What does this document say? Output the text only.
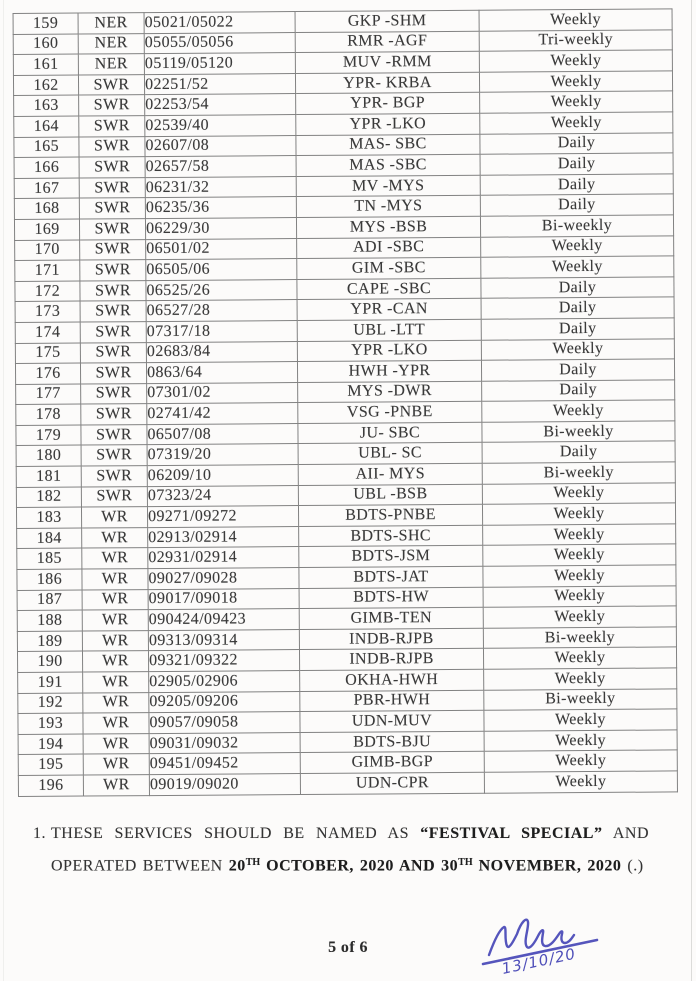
159	NER	05021/05022	GKP -SHM	Weekly
160	NER	05055/05056	RMR -AGF	Tri-weekly
161	NER	05119/05120	MUV -RMM	Weekly
162	SWR	02251/52	YPR- KRBA	Weekly
163	SWR	02253/54	YPR- BGP	Weekly
164	SWR	02539/40	YPR -LKO	Weekly
165	SWR	02607/08	MAS- SBC	Daily
166	SWR	02657/58	MAS -SBC	Daily
167	SWR	06231/32	MV -MYS	Daily
168	SWR	06235/36	TN -MYS	Daily
169	SWR	06229/30	MYS -BSB	Bi-weekly
170	SWR	06501/02	ADI -SBC	Weekly
171	SWR	06505/06	GIM -SBC	Weekly
172	SWR	06525/26	CAPE -SBC	Daily
173	SWR	06527/28	YPR -CAN	Daily
174	SWR	07317/18	UBL -LTT	Daily
175	SWR	02683/84	YPR -LKO	Weekly
176	SWR	0863/64	HWH -YPR	Daily
177	SWR	07301/02	MYS -DWR	Daily
178	SWR	02741/42	VSG -PNBE	Weekly
179	SWR	06507/08	JU- SBC	Bi-weekly
180	SWR	07319/20	UBL- SC	Daily
181	SWR	06209/10	AII- MYS	Bi-weekly
182	SWR	07323/24	UBL -BSB	Weekly
183	WR	09271/09272	BDTS-PNBE	Weekly
184	WR	02913/02914	BDTS-SHC	Weekly
185	WR	02931/02914	BDTS-JSM	Weekly
186	WR	09027/09028	BDTS-JAT	Weekly
187	WR	09017/09018	BDTS-HW	Weekly
188	WR	090424/09423	GIMB-TEN	Weekly
189	WR	09313/09314	INDB-RJPB	Bi-weekly
190	WR	09321/09322	INDB-RJPB	Weekly
191	WR	02905/02906	OKHA-HWH	Weekly
192	WR	09205/09206	PBR-HWH	Bi-weekly
193	WR	09057/09058	UDN-MUV	Weekly
194	WR	09031/09032	BDTS-BJU	Weekly
195	WR	09451/09452	GIMB-BGP	Weekly
196	WR	09019/09020	UDN-CPR	Weekly
1. THESE SERVICES SHOULD BE NAMED AS “FESTIVAL SPECIAL” AND
OPERATED BETWEEN 20TH OCTOBER, 2020 AND 30TH NOVEMBER, 2020 (.)
5 of 6	13/10/20
